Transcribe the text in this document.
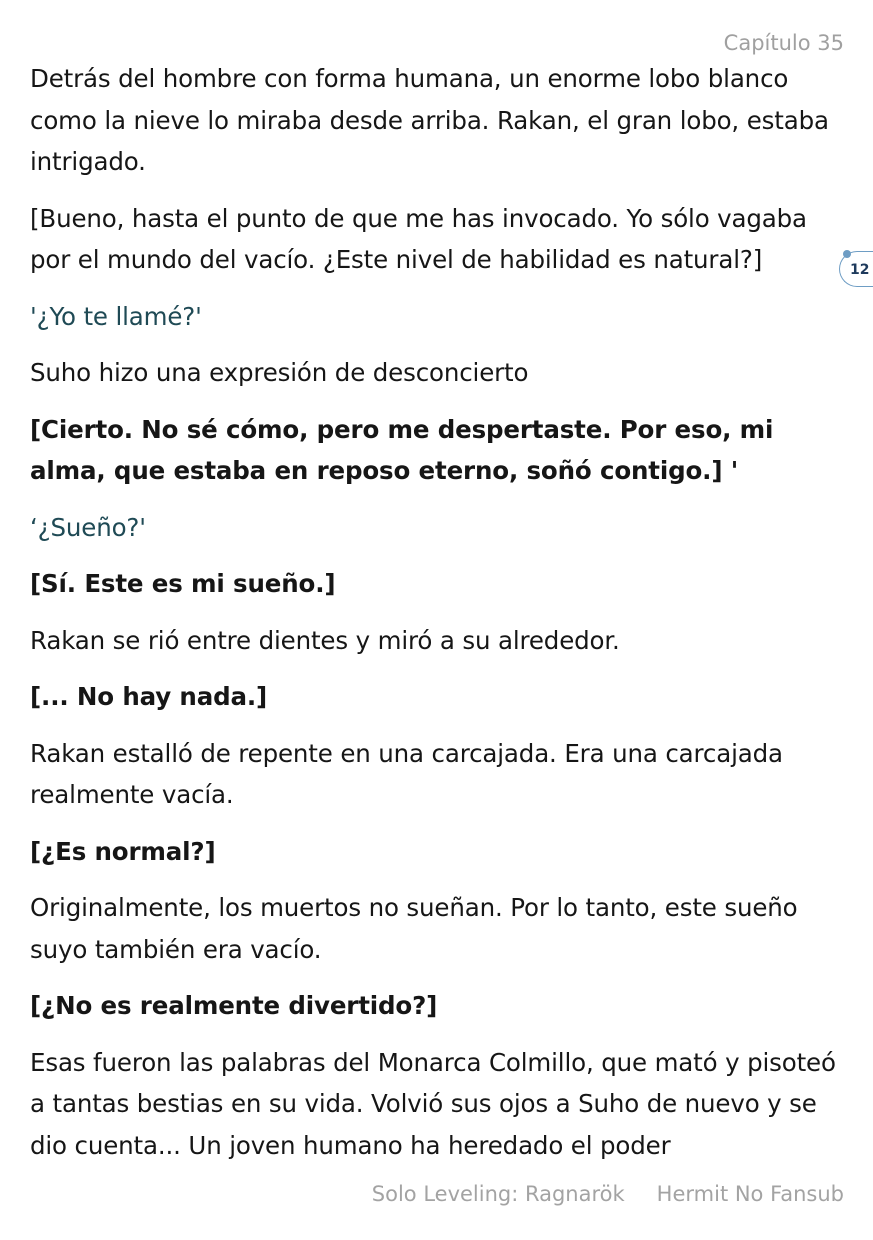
Capítulo 35

Detrás del hombre con forma humana, un enorme lobo blanco como la nieve lo miraba desde arriba. Rakan, el gran lobo, estaba intrigado.

[Bueno, hasta el punto de que me has invocado. Yo sólo vagaba por el mundo del vacío. ¿Este nivel de habilidad es natural?]

'¿Yo te llamé?'

Suho hizo una expresión de desconcierto

[Cierto. No sé cómo, pero me despertaste. Por eso, mi alma, que estaba en reposo eterno, soñó contigo.] '

‘¿Sueño?'

[Sí. Este es mi sueño.]

Rakan se rió entre dientes y miró a su alrededor.

[... No hay nada.]

Rakan estalló de repente en una carcajada. Era una carcajada realmente vacía.

[¿Es normal?]

Originalmente, los muertos no sueñan. Por lo tanto, este sueño suyo también era vacío.

[¿No es realmente divertido?]

Esas fueron las palabras del Monarca Colmillo, que mató y pisoteó a tantas bestias en su vida. Volvió sus ojos a Suho de nuevo y se dio cuenta... Un joven humano ha heredado el poder

12
Solo Leveling: Ragnarök Hermit No Fansub
